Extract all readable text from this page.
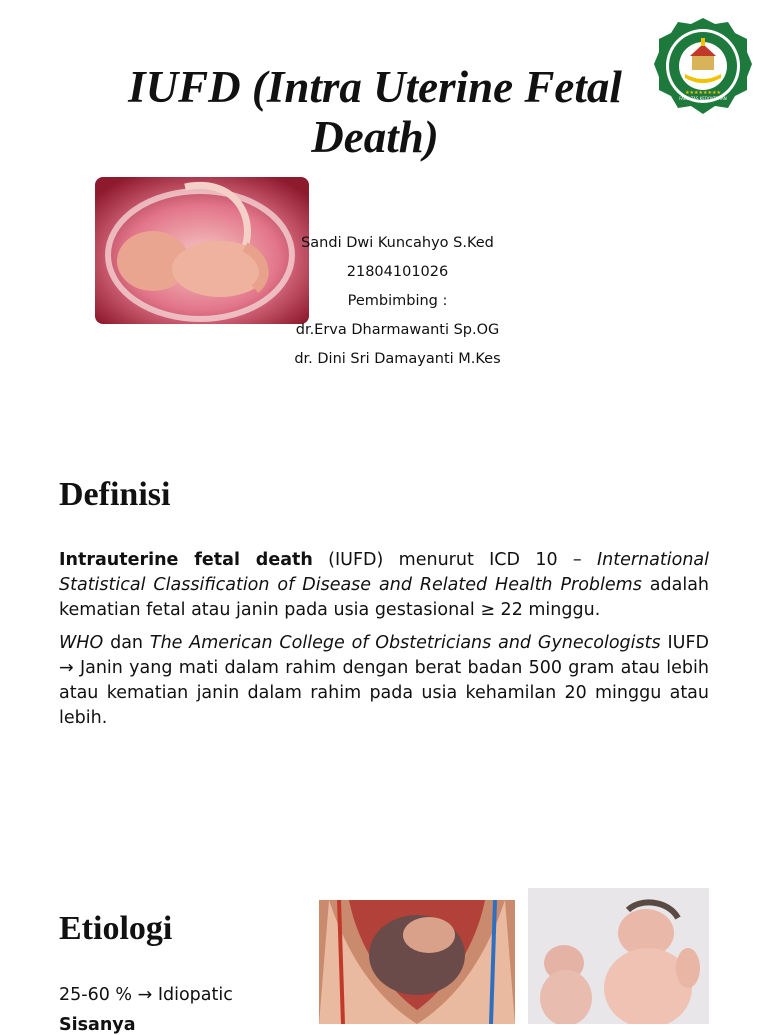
IUFD (Intra Uterine Fetal
Death)
FAKULTAS KEDOKTERAN
★★★★★★★★
Sandi Dwi Kuncahyo S.Ked
21804101026
Pembimbing :
dr.Erva Dharmawanti Sp.OG
dr. Dini Sri Damayanti M.Kes
Definisi

Intrauterine fetal death (IUFD) menurut ICD 10 – International Statistical Classification of Disease and Related Health Problems adalah kematian fetal atau janin pada usia gestasional ≥ 22 minggu.

WHO dan The American College of Obstetricians and Gynecologists IUFD → Janin yang mati dalam rahim dengan berat badan 500 gram atau lebih atau kematian janin dalam rahim pada usia kehamilan 20 minggu atau lebih.

Etiologi
25-60 % → Idiopatic
Sisanya
